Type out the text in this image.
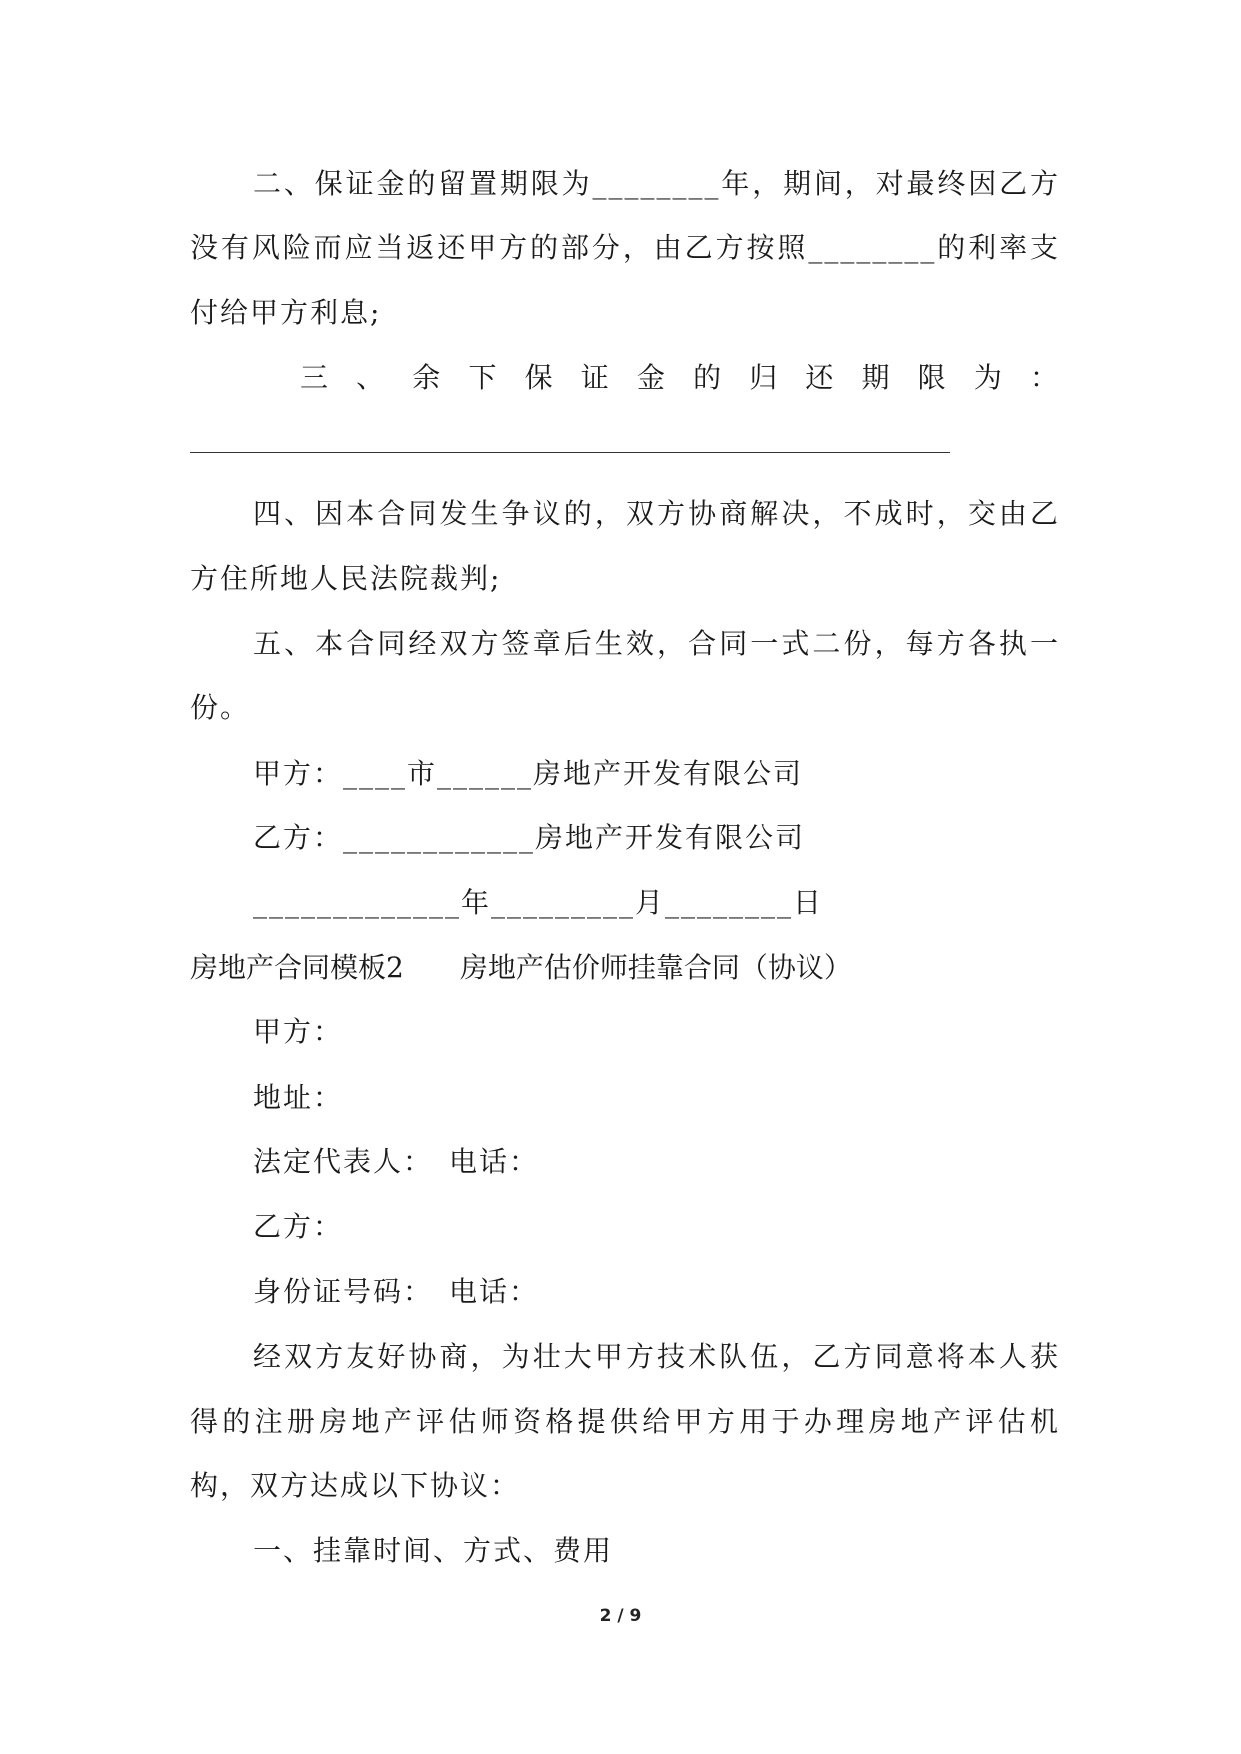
二、保证金的留置期限为________年，期间，对最终因乙方
没有风险而应当返还甲方的部分，由乙方按照________的利率支
付给甲方利息;
三 、 余 下 保 证 金 的 归 还 期 限 为 ：
四、因本合同发生争议的，双方协商解决，不成时，交由乙
方住所地人民法院裁判;
五、本合同经双方签章后生效，合同一式二份，每方各执一
份。
甲方：____市______房地产开发有限公司
乙方：____________房地产开发有限公司
_____________年_________月________日
房地产合同模板2　　房地产估价师挂靠合同（协议）
甲方：
地址：
法定代表人：　电话：
乙方：
身份证号码：　电话：
经双方友好协商，为壮大甲方技术队伍，乙方同意将本人获
得的注册房地产评估师资格提供给甲方用于办理房地产评估机
构，双方达成以下协议：
一、挂靠时间、方式、费用
2 / 9
